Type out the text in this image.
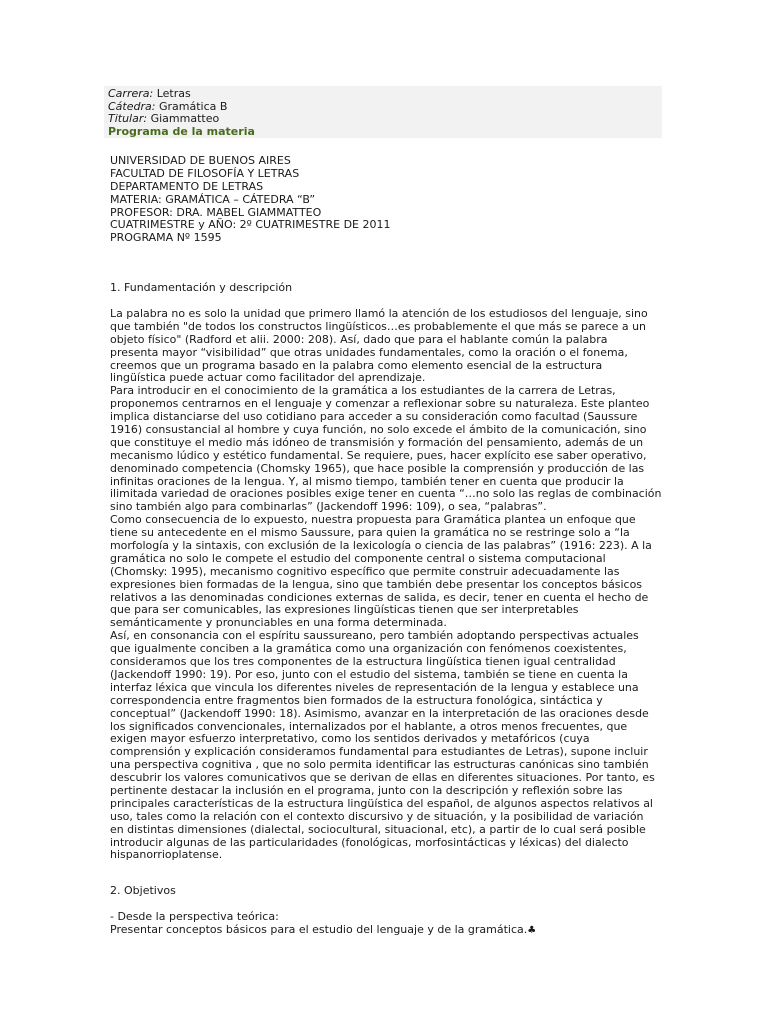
Carrera: Letras
Cátedra: Gramática B
Titular: Giammatteo
Programa de la materia
UNIVERSIDAD DE BUENOS AIRES
FACULTAD DE FILOSOFÍA Y LETRAS
DEPARTAMENTO DE LETRAS
MATERIA: GRAMÁTICA – CÁTEDRA “B”
PROFESOR: DRA. MABEL GIAMMATTEO
CUATRIMESTRE y AÑO: 2º CUATRIMESTRE DE 2011
PROGRAMA Nº 1595
1. Fundamentación y descripción
La palabra no es solo la unidad que primero llamó la atención de los estudiosos del lenguaje, sino
que también "de todos los constructos lingüísticos…es probablemente el que más se parece a un
objeto físico" (Radford et alii. 2000: 208). Así, dado que para el hablante común la palabra
presenta mayor “visibilidad” que otras unidades fundamentales, como la oración o el fonema,
creemos que un programa basado en la palabra como elemento esencial de la estructura
lingüística puede actuar como facilitador del aprendizaje.
Para introducir en el conocimiento de la gramática a los estudiantes de la carrera de Letras,
proponemos centrarnos en el lenguaje y comenzar a reflexionar sobre su naturaleza. Este planteo
implica distanciarse del uso cotidiano para acceder a su consideración como facultad (Saussure
1916) consustancial al hombre y cuya función, no solo excede el ámbito de la comunicación, sino
que constituye el medio más idóneo de transmisión y formación del pensamiento, además de un
mecanismo lúdico y estético fundamental. Se requiere, pues, hacer explícito ese saber operativo,
denominado competencia (Chomsky 1965), que hace posible la comprensión y producción de las
infinitas oraciones de la lengua. Y, al mismo tiempo, también tener en cuenta que producir la
ilimitada variedad de oraciones posibles exige tener en cuenta “…no solo las reglas de combinación
sino también algo para combinarlas” (Jackendoff 1996: 109), o sea, “palabras”.
Como consecuencia de lo expuesto, nuestra propuesta para Gramática plantea un enfoque que
tiene su antecedente en el mismo Saussure, para quien la gramática no se restringe solo a “la
morfología y la sintaxis, con exclusión de la lexicología o ciencia de las palabras” (1916: 223). A la
gramática no solo le compete el estudio del componente central o sistema computacional
(Chomsky: 1995), mecanismo cognitivo específico que permite construir adecuadamente las
expresiones bien formadas de la lengua, sino que también debe presentar los conceptos básicos
relativos a las denominadas condiciones externas de salida, es decir, tener en cuenta el hecho de
que para ser comunicables, las expresiones lingüísticas tienen que ser interpretables
semánticamente y pronunciables en una forma determinada.
Así, en consonancia con el espíritu saussureano, pero también adoptando perspectivas actuales
que igualmente conciben a la gramática como una organización con fenómenos coexistentes,
consideramos que los tres componentes de la estructura lingüística tienen igual centralidad
(Jackendoff 1990: 19). Por eso, junto con el estudio del sistema, también se tiene en cuenta la
interfaz léxica que vincula los diferentes niveles de representación de la lengua y establece una
correspondencia entre fragmentos bien formados de la estructura fonológica, sintáctica y
conceptual” (Jackendoff 1990: 18). Asimismo, avanzar en la interpretación de las oraciones desde
los significados convencionales, internalizados por el hablante, a otros menos frecuentes, que
exigen mayor esfuerzo interpretativo, como los sentidos derivados y metafóricos (cuya
comprensión y explicación consideramos fundamental para estudiantes de Letras), supone incluir
una perspectiva cognitiva , que no solo permita identificar las estructuras canónicas sino también
descubrir los valores comunicativos que se derivan de ellas en diferentes situaciones. Por tanto, es
pertinente destacar la inclusión en el programa, junto con la descripción y reflexión sobre las
principales características de la estructura lingüística del español, de algunos aspectos relativos al
uso, tales como la relación con el contexto discursivo y de situación, y la posibilidad de variación
en distintas dimensiones (dialectal, sociocultural, situacional, etc), a partir de lo cual será posible
introducir algunas de las particularidades (fonológicas, morfosintácticas y léxicas) del dialecto
hispanorrioplatense.
2. Objetivos
- Desde la perspectiva teórica:
Presentar conceptos básicos para el estudio del lenguaje y de la gramática.♣
